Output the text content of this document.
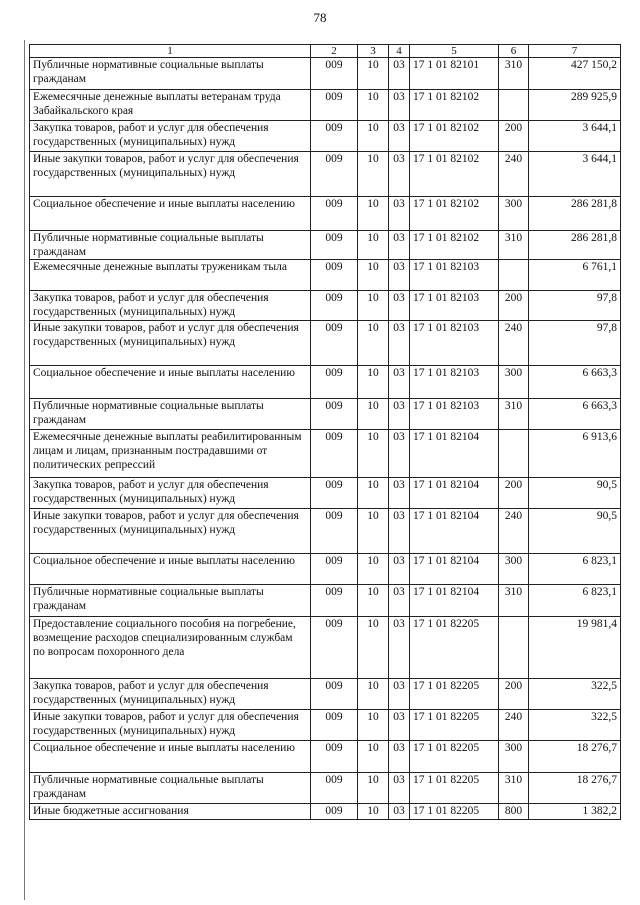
78
1	2	3	4	5	6	7
Публичные нормативные социальные выплаты гражданам	009	10	03	17 1 01 82101	310	427 150,2
Ежемесячные денежные выплаты ветеранам труда Забайкальского края	009	10	03	17 1 01 82102		289 925,9
Закупка товаров, работ и услуг для обеспечения государственных (муниципальных) нужд	009	10	03	17 1 01 82102	200	3 644,1
Иные закупки товаров, работ и услуг для обеспечения государственных (муниципальных) нужд	009	10	03	17 1 01 82102	240	3 644,1
Социальное обеспечение и иные выплаты населению	009	10	03	17 1 01 82102	300	286 281,8
Публичные нормативные социальные выплаты гражданам	009	10	03	17 1 01 82102	310	286 281,8
Ежемесячные денежные выплаты труженикам тыла	009	10	03	17 1 01 82103		6 761,1
Закупка товаров, работ и услуг для обеспечения государственных (муниципальных) нужд	009	10	03	17 1 01 82103	200	97,8
Иные закупки товаров, работ и услуг для обеспечения государственных (муниципальных) нужд	009	10	03	17 1 01 82103	240	97,8
Социальное обеспечение и иные выплаты населению	009	10	03	17 1 01 82103	300	6 663,3
Публичные нормативные социальные выплаты гражданам	009	10	03	17 1 01 82103	310	6 663,3
Ежемесячные денежные выплаты реабилитированным лицам и лицам, признанным пострадавшими от политических репрессий	009	10	03	17 1 01 82104		6 913,6
Закупка товаров, работ и услуг для обеспечения государственных (муниципальных) нужд	009	10	03	17 1 01 82104	200	90,5
Иные закупки товаров, работ и услуг для обеспечения государственных (муниципальных) нужд	009	10	03	17 1 01 82104	240	90,5
Социальное обеспечение и иные выплаты населению	009	10	03	17 1 01 82104	300	6 823,1
Публичные нормативные социальные выплаты гражданам	009	10	03	17 1 01 82104	310	6 823,1
Предоставление социального пособия на погребение, возмещение расходов специализированным службам по вопросам похоронного дела	009	10	03	17 1 01 82205		19 981,4
Закупка товаров, работ и услуг для обеспечения государственных (муниципальных) нужд	009	10	03	17 1 01 82205	200	322,5
Иные закупки товаров, работ и услуг для обеспечения государственных (муниципальных) нужд	009	10	03	17 1 01 82205	240	322,5
Социальное обеспечение и иные выплаты населению	009	10	03	17 1 01 82205	300	18 276,7
Публичные нормативные социальные выплаты гражданам	009	10	03	17 1 01 82205	310	18 276,7
Иные бюджетные ассигнования	009	10	03	17 1 01 82205	800	1 382,2
